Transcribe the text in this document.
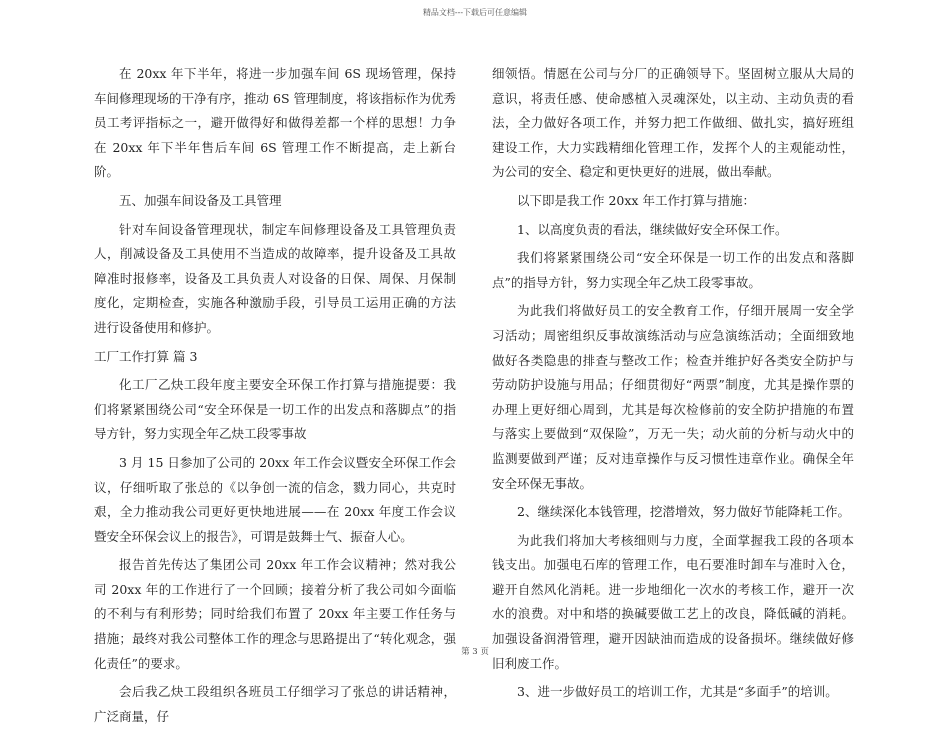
精品文档---下载后可任意编辑

在 20xx 年下半年，将进一步加强车间 6S 现场管理，保持车间修理现场的干净有序，推动 6S 管理制度，将该指标作为优秀员工考评指标之一，避开做得好和做得差都一个样的思想！力争在 20xx 年下半年售后车间 6S 管理工作不断提高，走上新台阶。

五、加强车间设备及工具管理

针对车间设备管理现状，制定车间修理设备及工具管理负责人，削减设备及工具使用不当造成的故障率，提升设备及工具故障准时报修率，设备及工具负责人对设备的日保、周保、月保制度化，定期检查，实施各种激励手段，引导员工运用正确的方法进行设备使用和修护。

工厂工作打算 篇 3

化工厂乙炔工段年度主要安全环保工作打算与措施提要：我们将紧紧围绕公司“安全环保是一切工作的出发点和落脚点”的指导方针，努力实现全年乙炔工段零事故

3 月 15 日参加了公司的 20xx 年工作会议暨安全环保工作会议，仔细听取了张总的《以争创一流的信念，戮力同心，共克时艰，全力推动我公司更好更快地进展——在 20xx 年度工作会议暨安全环保会议上的报告》，可谓是鼓舞士气、振奋人心。

报告首先传达了集团公司 20xx 年工作会议精神；然对我公司 20xx 年的工作进行了一个回顾；接着分析了我公司如今面临的不利与有利形势；同时给我们布置了 20xx 年主要工作任务与措施；最终对我公司整体工作的理念与思路提出了“转化观念，强化责任”的要求。

会后我乙炔工段组织各班员工仔细学习了张总的讲话精神，广泛商量，仔

细领悟。情愿在公司与分厂的正确领导下。坚固树立服从大局的意识，将责任感、使命感植入灵魂深处，以主动、主动负责的看法，全力做好各项工作，并努力把工作做细、做扎实，搞好班组建设工作，大力实践精细化管理工作，发挥个人的主观能动性，为公司的安全、稳定和更快更好的进展，做出奉献。

以下即是我工作 20xx 年工作打算与措施：

1、以高度负责的看法，继续做好安全环保工作。

我们将紧紧围绕公司“安全环保是一切工作的出发点和落脚点”的指导方针，努力实现全年乙炔工段零事故。

为此我们将做好员工的安全教育工作，仔细开展周一安全学习活动；周密组织反事故演练活动与应急演练活动；全面细致地做好各类隐患的排查与整改工作；检查并维护好各类安全防护与劳动防护设施与用品；仔细贯彻好“两票”制度，尤其是操作票的办理上更好细心周到，尤其是每次检修前的安全防护措施的布置与落实上要做到“双保险”，万无一失；动火前的分析与动火中的监测要做到严谨；反对违章操作与反习惯性违章作业。确保全年安全环保无事故。

2、继续深化本钱管理，挖潜增效，努力做好节能降耗工作。

为此我们将加大考核细则与力度，全面掌握我工段的各项本钱支出。加强电石库的管理工作，电石要准时卸车与准时入仓，避开自然风化消耗。进一步地细化一次水的考核工作，避开一次水的浪费。对中和塔的换碱要做工艺上的改良，降低碱的消耗。加强设备润滑管理，避开因缺油而造成的设备损坏。继续做好修旧利废工作。

3、进一步做好员工的培训工作，尤其是“多面手”的培训。

第 3 页
